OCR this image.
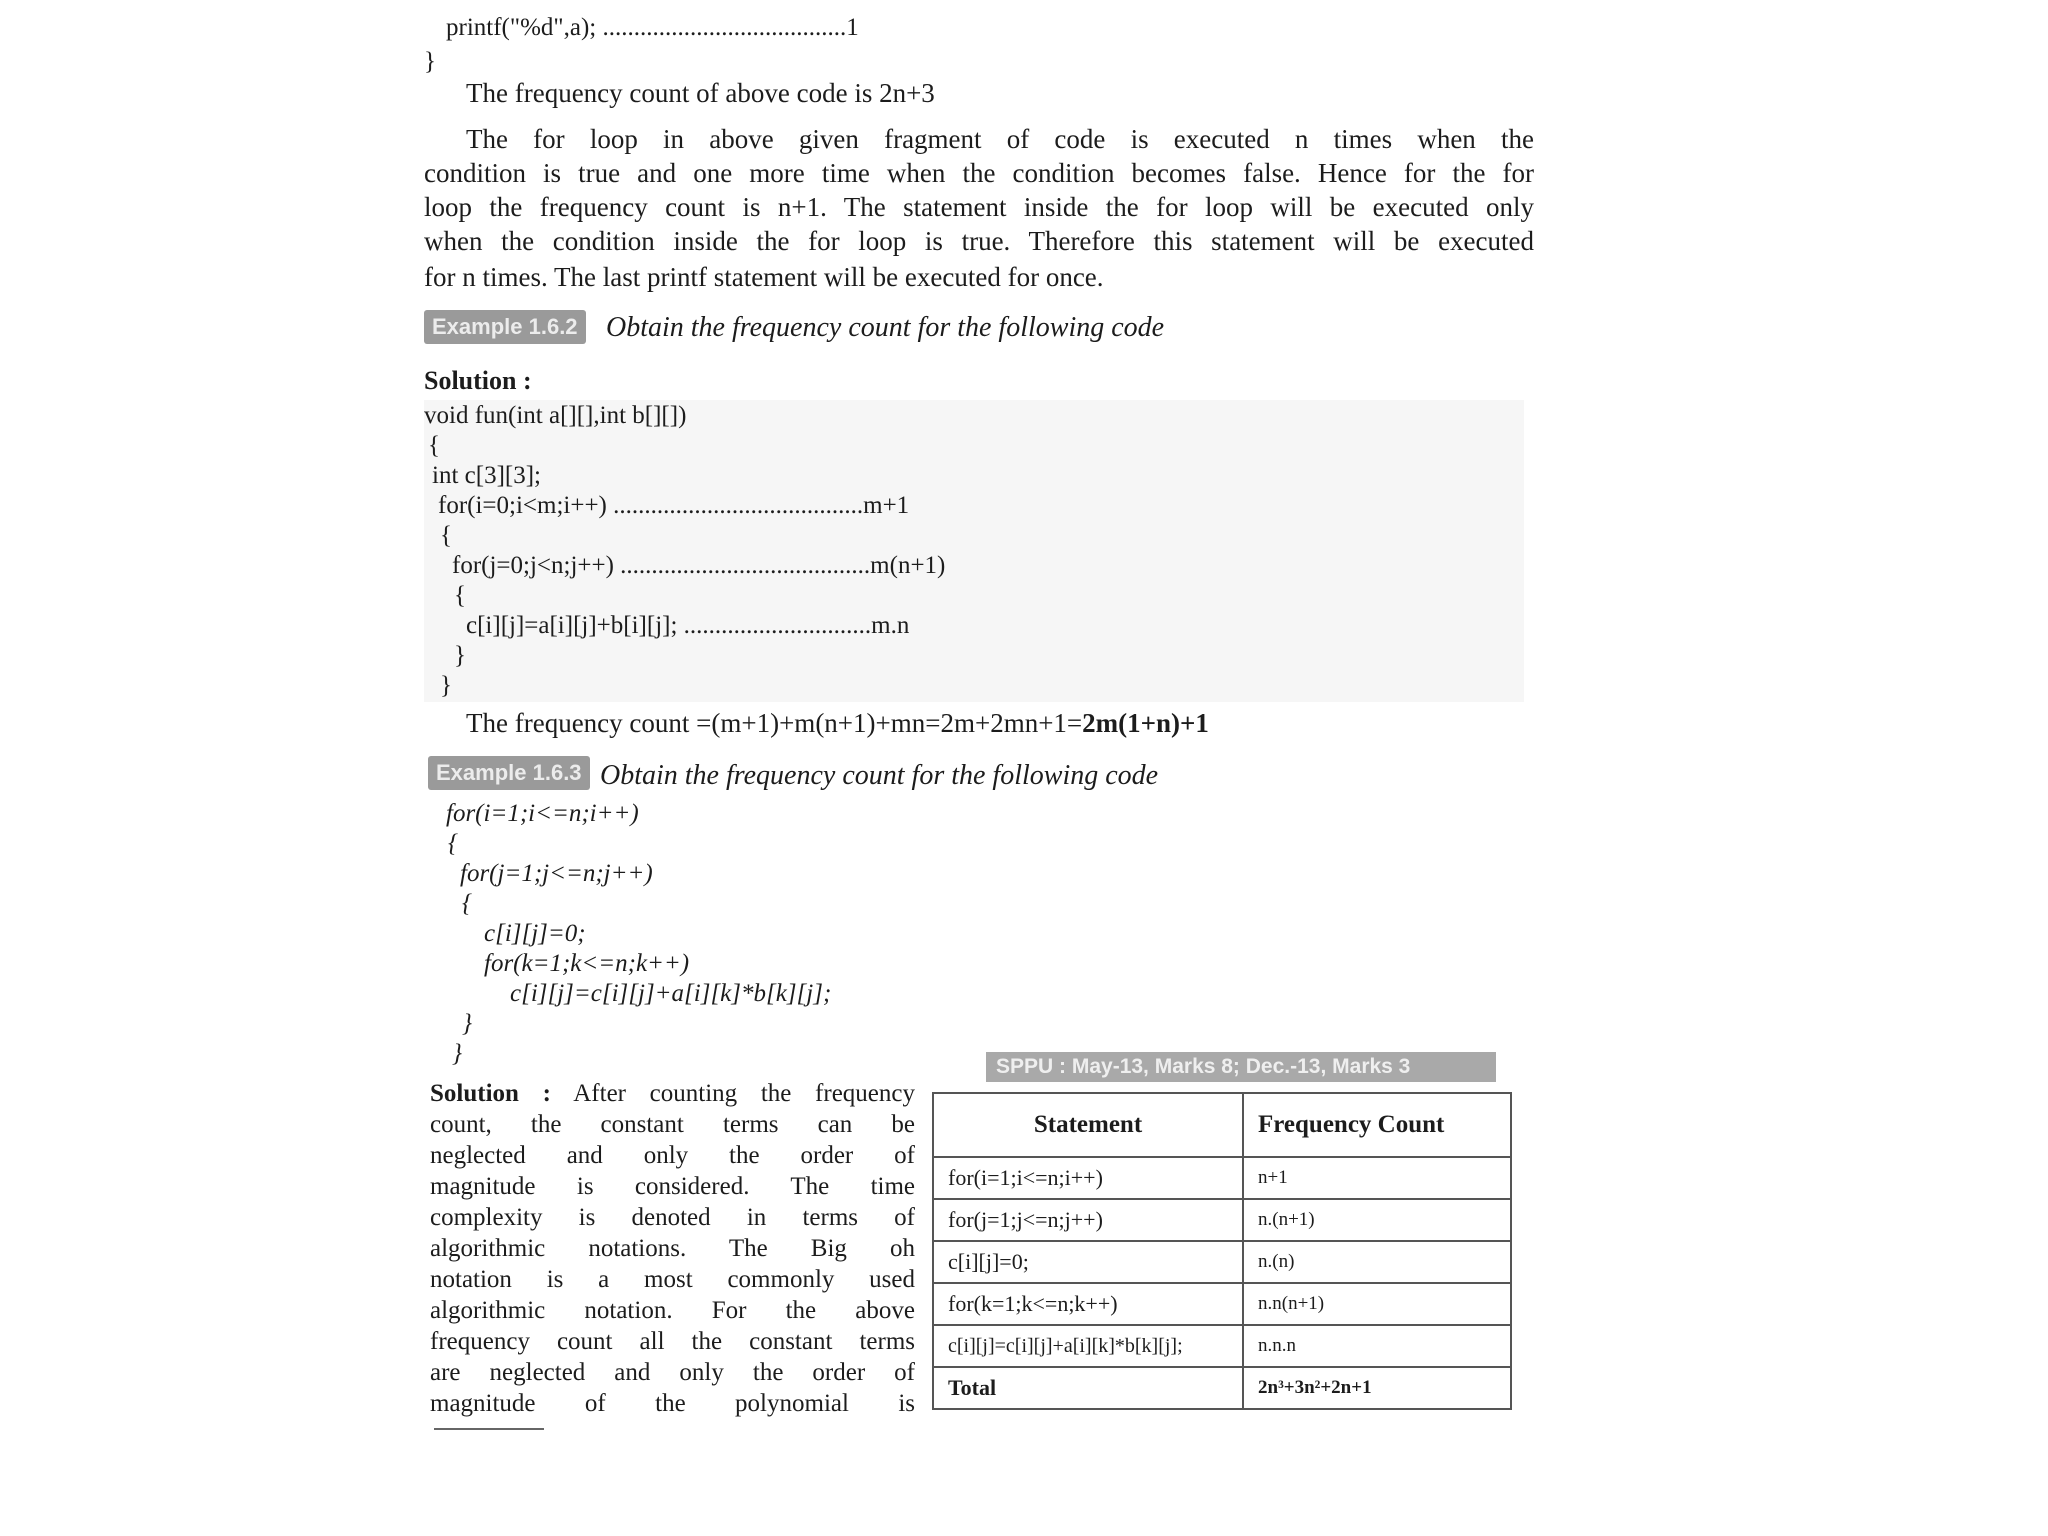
printf("%d",a); .......................................1
}
The frequency count of above code is 2n+3
The for loop in above given fragment of code is executed n times when the
condition is true and one more time when the condition becomes false. Hence for the for
loop the frequency count is n+1. The statement inside the for loop will be executed only
when the condition inside the for loop is true. Therefore this statement will be executed
for n times. The last printf statement will be executed for once.
Example 1.6.2 Obtain the frequency count for the following code
Solution :
void fun(int a[][],int b[][])
{
int c[3][3];
for(i=0;i<m;i++) ........................................m+1
{
for(j=0;j<n;j++) ........................................m(n+1)
{
c[i][j]=a[i][j]+b[i][j]; ..............................m.n
}
}
The frequency count =(m+1)+m(n+1)+mn=2m+2mn+1=2m(1+n)+1
Example 1.6.3 Obtain the frequency count for the following code
for(i=1;i<=n;i++)
{
for(j=1;j<=n;j++)
{
c[i][j]=0;
for(k=1;k<=n;k++)
c[i][j]=c[i][j]+a[i][k]*b[k][j];
}
}
Solution : After counting the frequency
count, the constant terms can be
neglected and only the order of
magnitude is considered. The time
complexity is denoted in terms of
algorithmic notations. The Big oh
notation is a most commonly used
algorithmic notation. For the above
frequency count all the constant terms
are neglected and only the order of
magnitude of the polynomial is
SPPU : May-13, Marks 8; Dec.-13, Marks 3
Statement	Frequency Count
for(i=1;i<=n;i++)	n+1
for(j=1;j<=n;j++)	n.(n+1)
c[i][j]=0;	n.(n)
for(k=1;k<=n;k++)	n.n(n+1)
c[i][j]=c[i][j]+a[i][k]*b[k][j];	n.n.n
Total	2n³+3n²+2n+1
